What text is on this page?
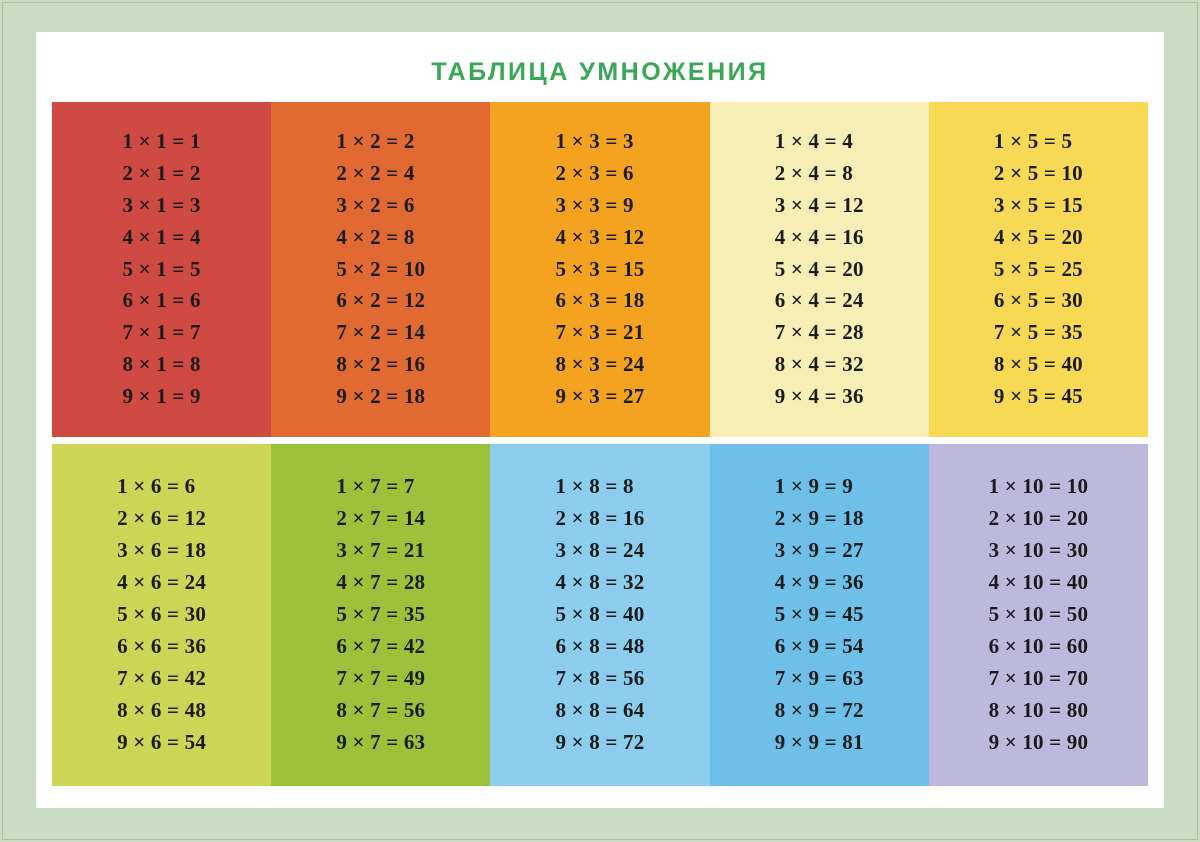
ТАБЛИЦА УМНОЖЕНИЯ
1 × 1 = 1
2 × 1 = 2
3 × 1 = 3
4 × 1 = 4
5 × 1 = 5
6 × 1 = 6
7 × 1 = 7
8 × 1 = 8
9 × 1 = 9
1 × 2 = 2
2 × 2 = 4
3 × 2 = 6
4 × 2 = 8
5 × 2 = 10
6 × 2 = 12
7 × 2 = 14
8 × 2 = 16
9 × 2 = 18
1 × 3 = 3
2 × 3 = 6
3 × 3 = 9
4 × 3 = 12
5 × 3 = 15
6 × 3 = 18
7 × 3 = 21
8 × 3 = 24
9 × 3 = 27
1 × 4 = 4
2 × 4 = 8
3 × 4 = 12
4 × 4 = 16
5 × 4 = 20
6 × 4 = 24
7 × 4 = 28
8 × 4 = 32
9 × 4 = 36
1 × 5 = 5
2 × 5 = 10
3 × 5 = 15
4 × 5 = 20
5 × 5 = 25
6 × 5 = 30
7 × 5 = 35
8 × 5 = 40
9 × 5 = 45
1 × 6 = 6
2 × 6 = 12
3 × 6 = 18
4 × 6 = 24
5 × 6 = 30
6 × 6 = 36
7 × 6 = 42
8 × 6 = 48
9 × 6 = 54
1 × 7 = 7
2 × 7 = 14
3 × 7 = 21
4 × 7 = 28
5 × 7 = 35
6 × 7 = 42
7 × 7 = 49
8 × 7 = 56
9 × 7 = 63
1 × 8 = 8
2 × 8 = 16
3 × 8 = 24
4 × 8 = 32
5 × 8 = 40
6 × 8 = 48
7 × 8 = 56
8 × 8 = 64
9 × 8 = 72
1 × 9 = 9
2 × 9 = 18
3 × 9 = 27
4 × 9 = 36
5 × 9 = 45
6 × 9 = 54
7 × 9 = 63
8 × 9 = 72
9 × 9 = 81
1 × 10 = 10
2 × 10 = 20
3 × 10 = 30
4 × 10 = 40
5 × 10 = 50
6 × 10 = 60
7 × 10 = 70
8 × 10 = 80
9 × 10 = 90
